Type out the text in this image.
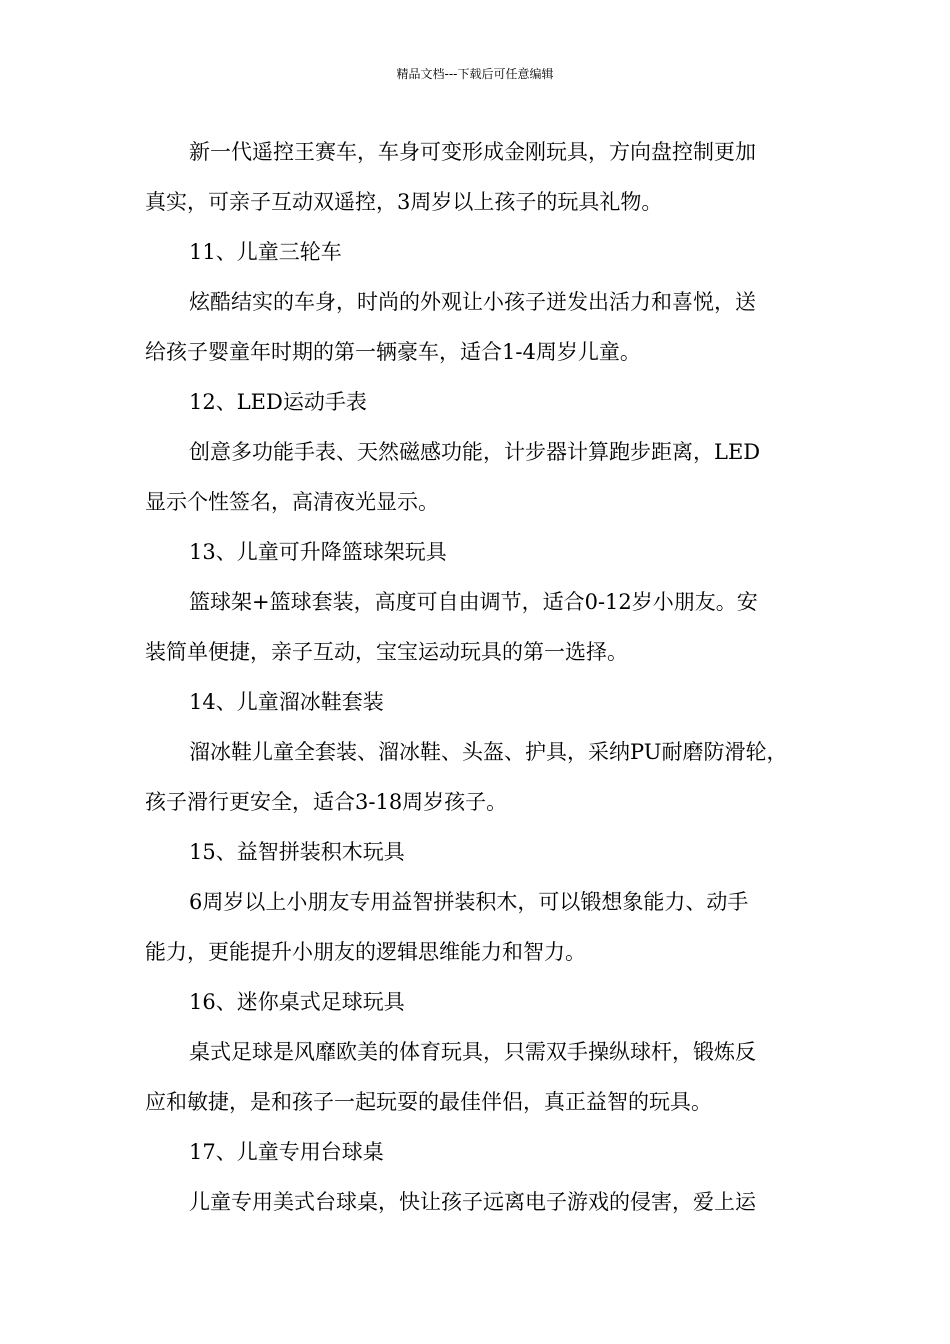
精品文档---下载后可任意编辑
新一代遥控王赛车，车身可变形成金刚玩具，方向盘控制更加
真实，可亲子互动双遥控，3周岁以上孩子的玩具礼物。
11、儿童三轮车
炫酷结实的车身，时尚的外观让小孩子迸发出活力和喜悦，送
给孩子婴童年时期的第一辆豪车，适合1-4周岁儿童。
12、LED运动手表
创意多功能手表、天然磁感功能，计步器计算跑步距离，LED
显示个性签名，高清夜光显示。
13、儿童可升降篮球架玩具
篮球架+篮球套装，高度可自由调节，适合0-12岁小朋友。安
装简单便捷，亲子互动，宝宝运动玩具的第一选择。
14、儿童溜冰鞋套装
溜冰鞋儿童全套装、溜冰鞋、头盔、护具，采纳PU耐磨防滑轮，
孩子滑行更安全，适合3-18周岁孩子。
15、益智拼装积木玩具
6周岁以上小朋友专用益智拼装积木，可以锻想象能力、动手
能力，更能提升小朋友的逻辑思维能力和智力。
16、迷你桌式足球玩具
桌式足球是风靡欧美的体育玩具，只需双手操纵球杆，锻炼反
应和敏捷，是和孩子一起玩耍的最佳伴侣，真正益智的玩具。
17、儿童专用台球桌
儿童专用美式台球桌，快让孩子远离电子游戏的侵害，爱上运
